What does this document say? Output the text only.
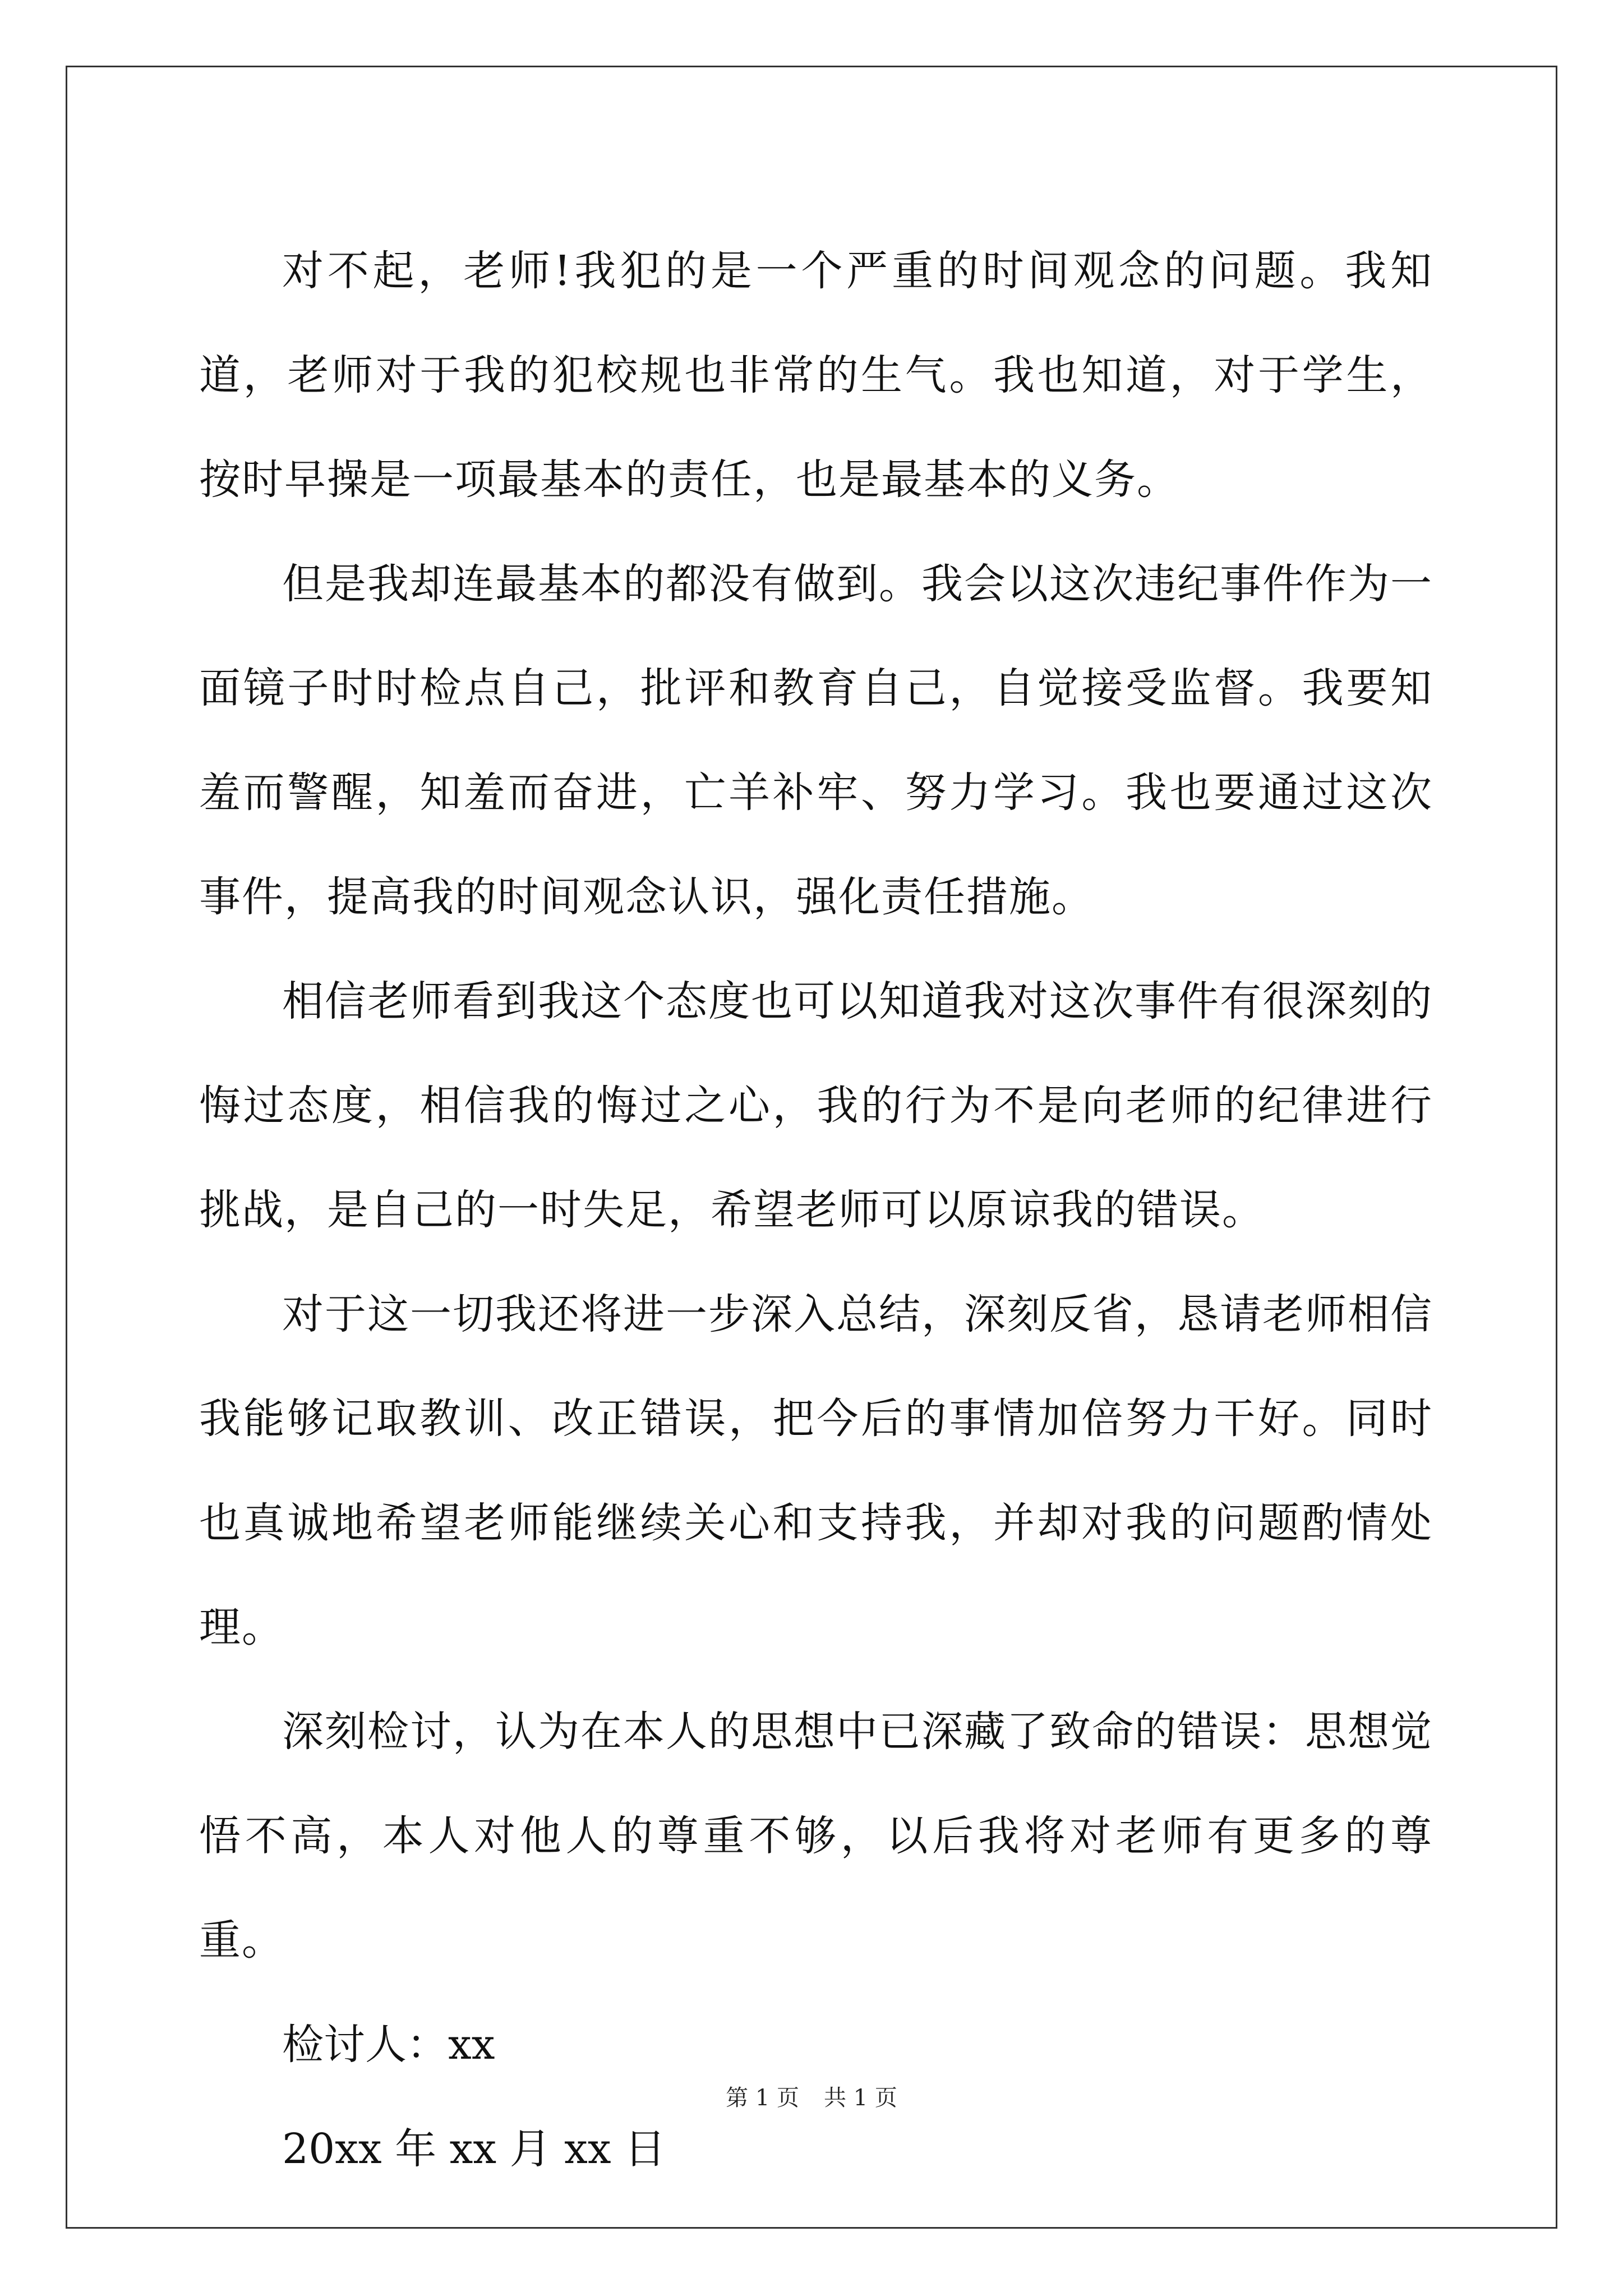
对不起，老师!我犯的是一个严重的时间观念的问题。我知道，老师对于我的犯校规也非常的生气。我也知道，对于学生，按时早操是一项最基本的责任，也是最基本的义务。

但是我却连最基本的都没有做到。我会以这次违纪事件作为一面镜子时时检点自己，批评和教育自己，自觉接受监督。我要知羞而警醒，知羞而奋进，亡羊补牢、努力学习。我也要通过这次事件，提高我的时间观念认识，强化责任措施。

相信老师看到我这个态度也可以知道我对这次事件有很深刻的悔过态度，相信我的悔过之心，我的行为不是向老师的纪律进行挑战，是自己的一时失足，希望老师可以原谅我的错误。

对于这一切我还将进一步深入总结，深刻反省，恳请老师相信我能够记取教训、改正错误，把今后的事情加倍努力干好。同时也真诚地希望老师能继续关心和支持我，并却对我的问题酌情处理。

深刻检讨，认为在本人的思想中已深藏了致命的错误：思想觉悟不高，本人对他人的尊重不够，以后我将对老师有更多的尊重。

检讨人：xx

20xx 年 xx 月 xx 日

第 1 页 共 1 页
